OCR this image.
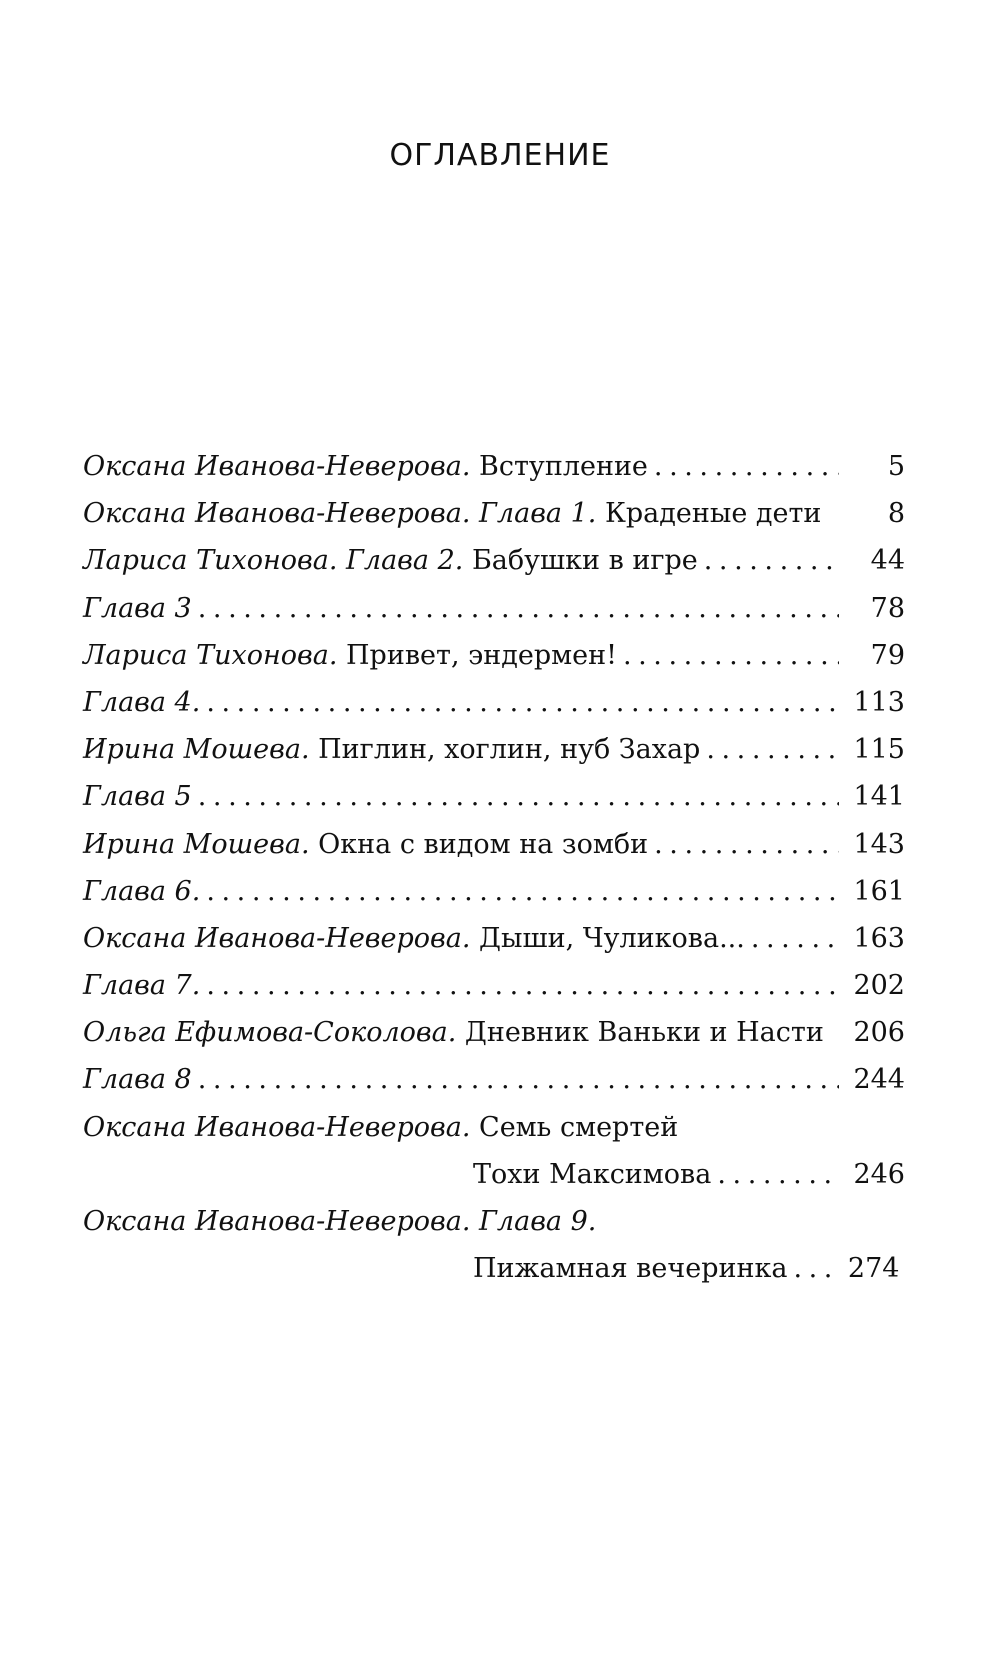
ОГЛАВЛЕНИЕ
Оксана Иванова-Неверова. Вступление . . .	5
Оксана Иванова-Неверова. Глава 1. Краденые дети	8
Лариса Тихонова. Глава 2. Бабушки в игре . . .	44
Глава 3 . . .	78
Лариса Тихонова. Привет, эндермен! . . .	79
Глава 4. . . .	113
Ирина Мошева. Пиглин, хоглин, нуб Захар . . .	115
Глава 5 . . .	141
Ирина Мошева. Окна с видом на зомби . . .	143
Глава 6. . . .	161
Оксана Иванова-Неверова. Дыши, Чуликова... . . .	163
Глава 7. . . .	202
Ольга Ефимова-Соколова. Дневник Ваньки и Насти	206
Глава 8 . . .	244
Оксана Иванова-Неверова. Семь смертей
Тохи Максимова . . .	246
Оксана Иванова-Неверова. Глава 9.
Пижамная вечеринка . . .	274
